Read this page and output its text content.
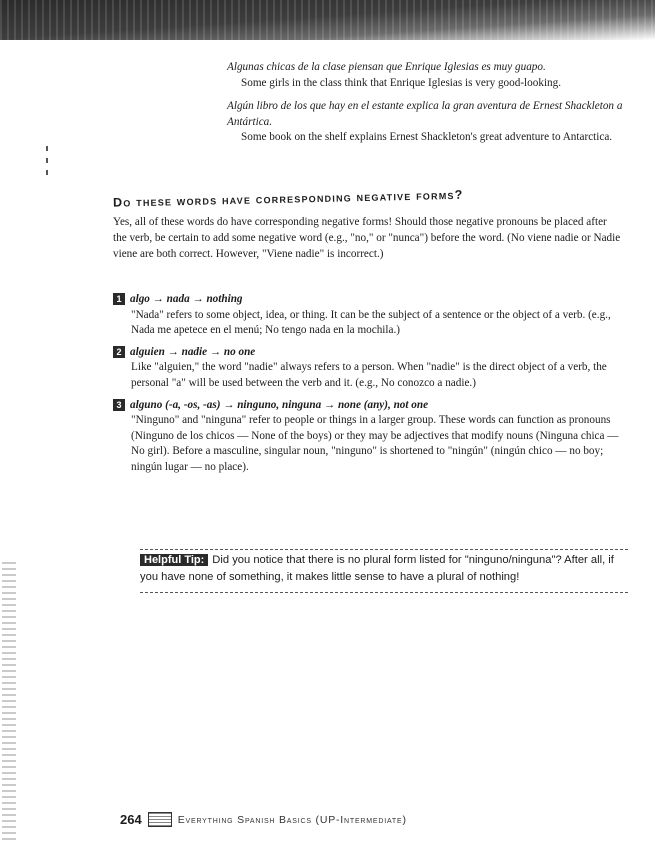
Algunas chicas de la clase piensan que Enrique Iglesias es muy guapo.
Some girls in the class think that Enrique Iglesias is very good-looking.
Algún libro de los que hay en el estante explica la gran aventura de Ernest Shackleton a Antártica.
Some book on the shelf explains Ernest Shackleton's great adventure to Antarctica.
Do these words have corresponding negative forms?
Yes, all of these words do have corresponding negative forms! Should those negative pronouns be placed after the verb, be certain to add some negative word (e.g., "no," or "nunca") before the word. (No viene nadie or Nadie viene are both correct. However, "Viene nadie" is incorrect.)
1 algo → nada → nothing
"Nada" refers to some object, idea, or thing. It can be the subject of a sentence or the object of a verb. (e.g., Nada me apetece en el menú; No tengo nada en la mochila.)
2 alguien → nadie → no one
Like "alguien," the word "nadie" always refers to a person. When "nadie" is the direct object of a verb, the personal "a" will be used between the verb and it. (e.g., No conozco a nadie.)
3 alguno (-a, -os, -as) → ninguno, ninguna → none (any), not one
"Ninguno" and "ninguna" refer to people or things in a larger group. These words can function as pronouns (Ninguno de los chicos — None of the boys) or they may be adjectives that modify nouns (Ninguna chica — No girl). Before a masculine, singular noun, "ninguno" is shortened to "ningún" (ningún chico — no boy; ningún lugar — no place).
Helpful Tip: Did you notice that there is no plural form listed for "ninguno/ninguna"? After all, if you have none of something, it makes little sense to have a plural of nothing!
264	Everything Spanish Basics (UP-Intermediate)
